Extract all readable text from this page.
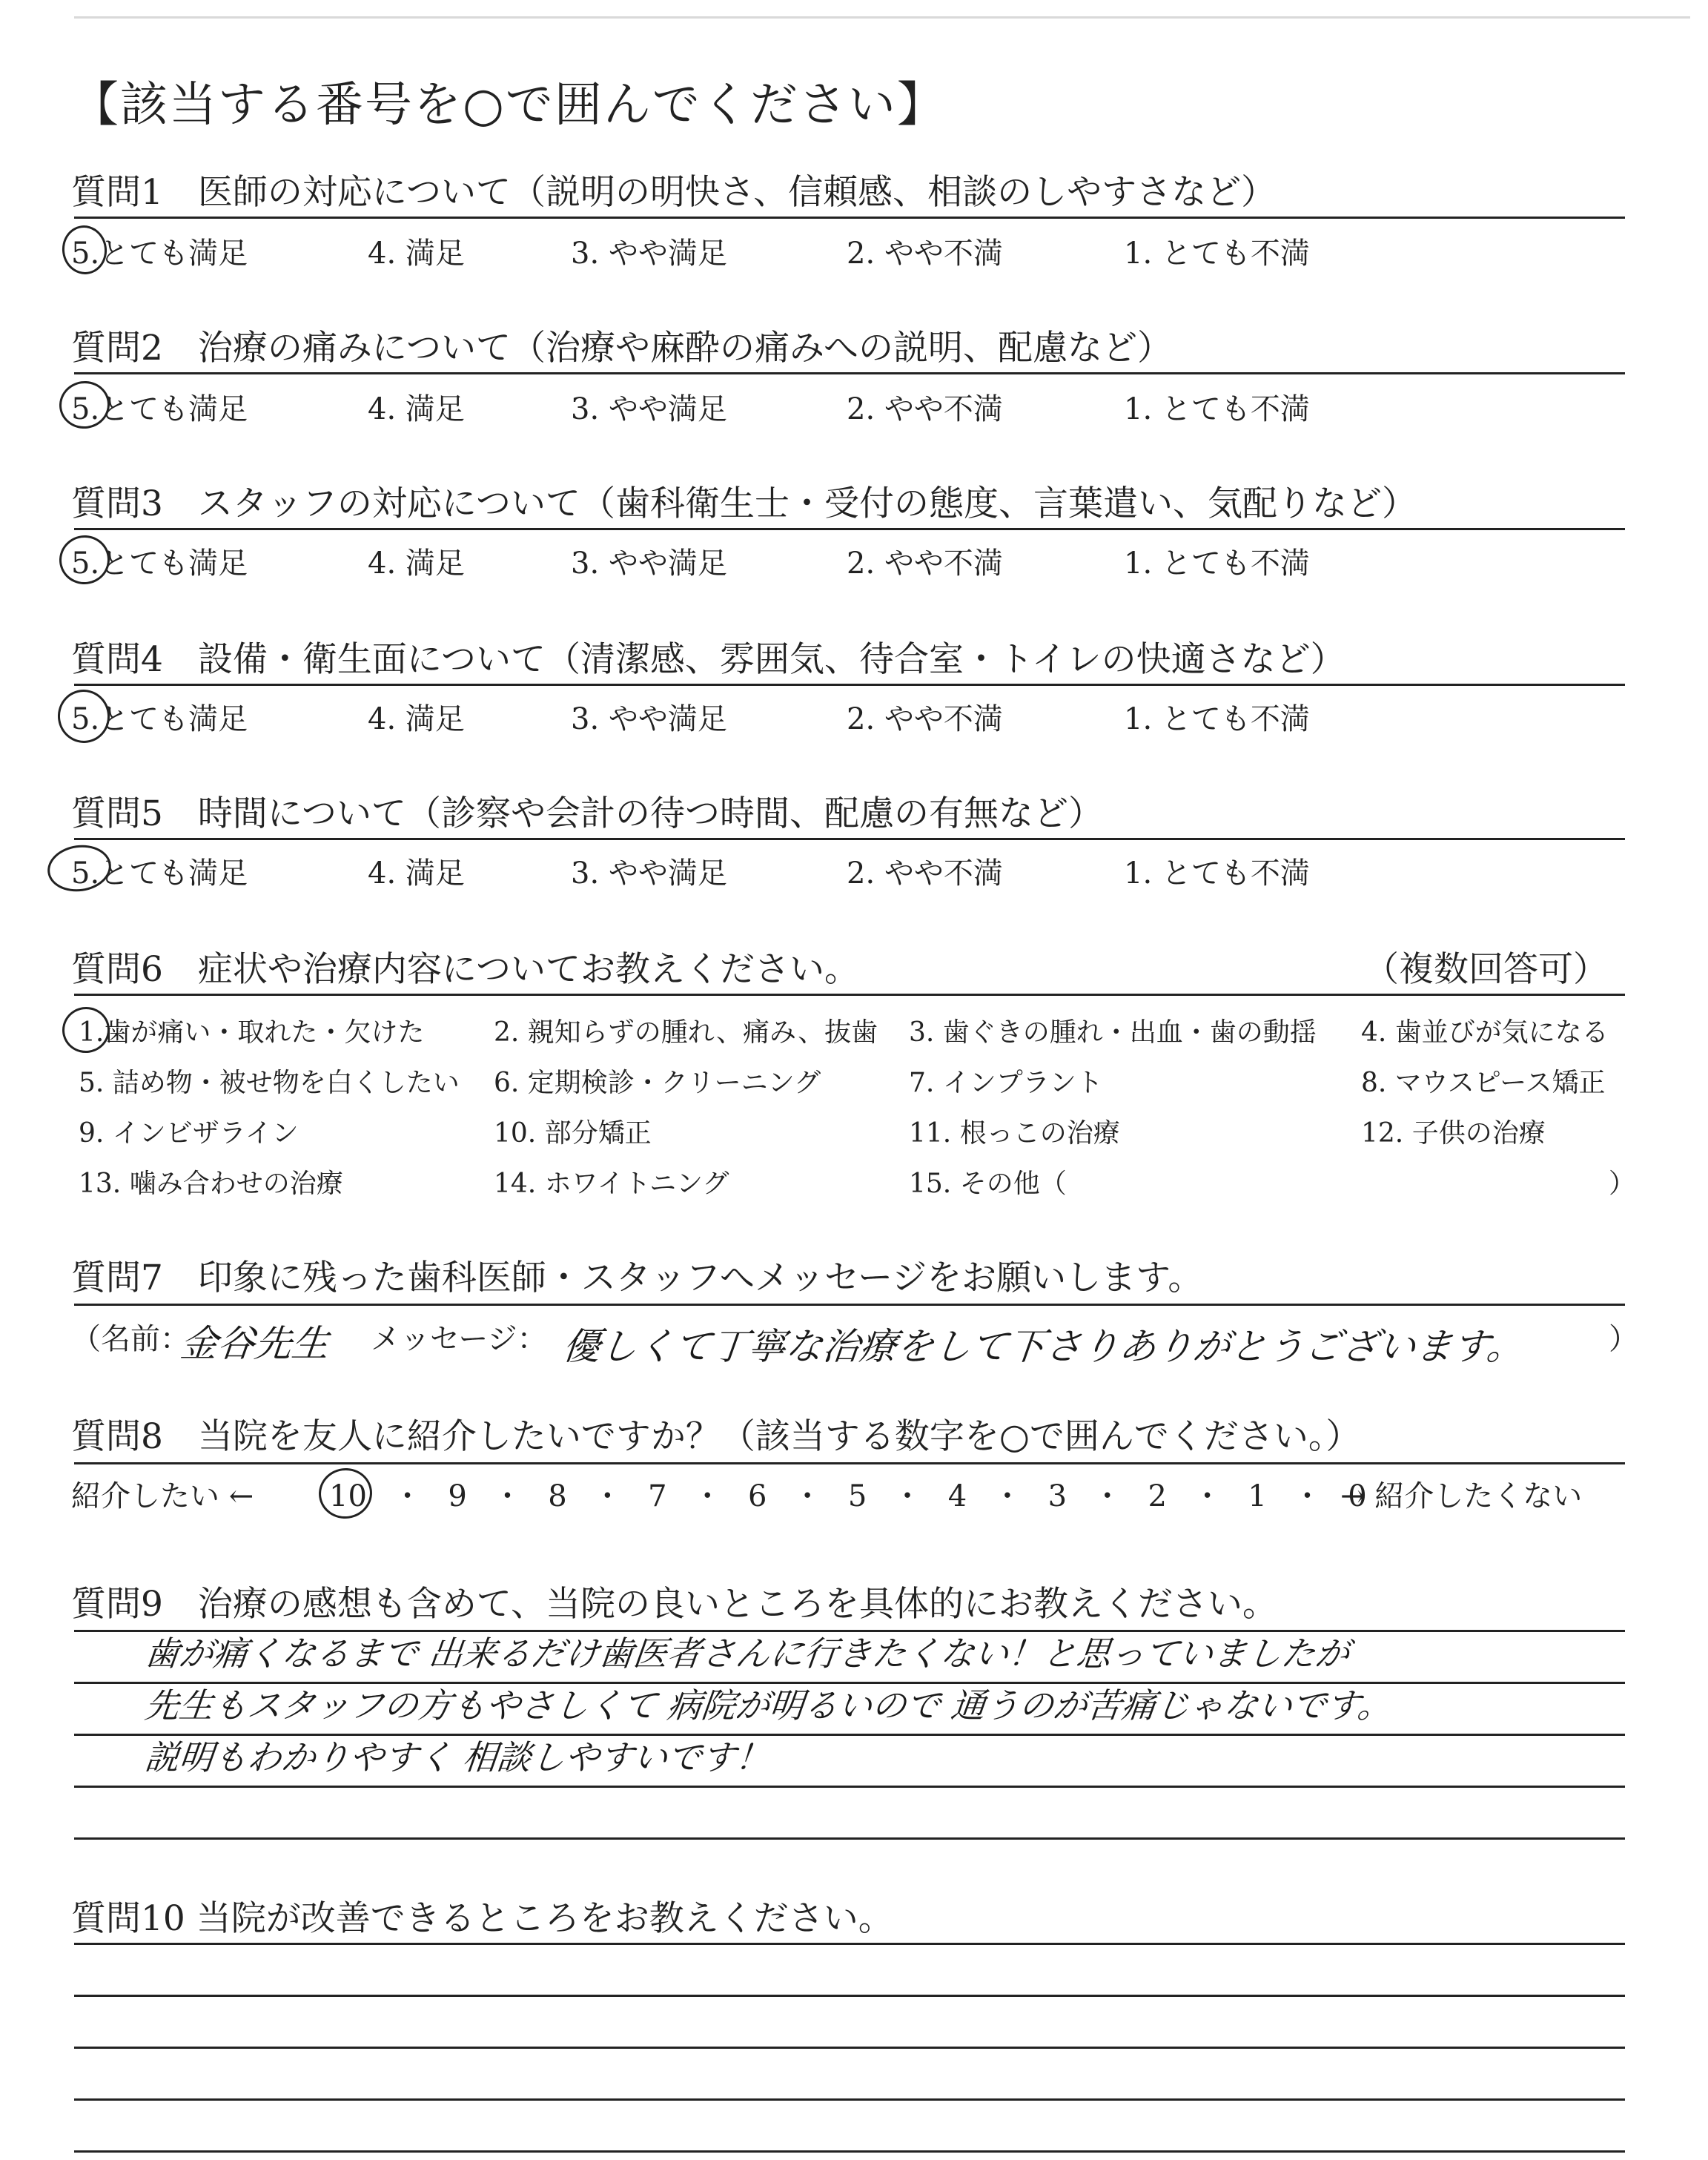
【該当する番号を○で囲んでください】
質問1　医師の対応について（説明の明快さ、信頼感、相談のしやすさなど）
5.とても満足	4. 満足	3. やや満足	2. やや不満	1. とても不満
質問2　治療の痛みについて（治療や麻酔の痛みへの説明、配慮など）
5.とても満足	4. 満足	3. やや満足	2. やや不満	1. とても不満
質問3　スタッフの対応について（歯科衛生士・受付の態度、言葉遣い、気配りなど）
5.とても満足	4. 満足	3. やや満足	2. やや不満	1. とても不満
質問4　設備・衛生面について（清潔感、雰囲気、待合室・トイレの快適さなど）
5.とても満足	4. 満足	3. やや満足	2. やや不満	1. とても不満
質問5　時間について（診察や会計の待つ時間、配慮の有無など）
5.とても満足	4. 満足	3. やや満足	2. やや不満	1. とても不満
質問6　症状や治療内容についてお教えください。	（複数回答可）
1.歯が痛い・取れた・欠けた	2. 親知らずの腫れ、痛み、抜歯 3. 歯ぐきの腫れ・出血・歯の動揺 4. 歯並びが気になる
5. 詰め物・被せ物を白くしたい 6. 定期検診・クリーニング	7. インプラント	8. マウスピース矯正
9. インビザライン	10. 部分矯正	11. 根っこの治療	12. 子供の治療
13. 噛み合わせの治療	14. ホワイトニング	15. その他（	）
質問7　印象に残った歯科医師・スタッフへメッセージをお願いします。
（名前：
金谷先生 メッセージ： 優しくて丁寧な治療をして下さりありがとうございます。	）
質問8　当院を友人に紹介したいですか？（該当する数字を○で囲んでください。）
紹介したい ←	10 ・ 9 ・ 8 ・ 7 ・ 6 ・ 5 ・ 4 ・ 3 ・ 2 ・ 1 ・ 0
→ 紹介したくない
質問9　治療の感想も含めて、当院の良いところを具体的にお教えください。
歯が痛くなるまで 出来るだけ歯医者さんに行きたくない！と思っていましたが
先生もスタッフの方もやさしくて 病院が明るいので 通うのが苦痛じゃないです。
説明もわかりやすく 相談しやすいです！
質問10 当院が改善できるところをお教えください。
